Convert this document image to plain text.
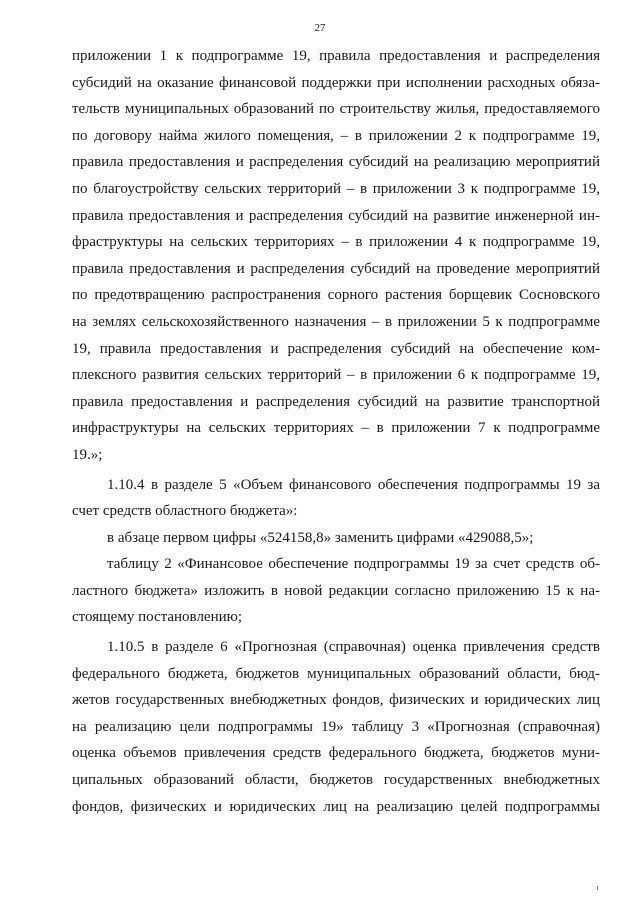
27
приложении 1 к подпрограмме 19, правила предоставления и распределения
субсидий на оказание финансовой поддержки при исполнении расходных обяза-
тельств муниципальных образований по строительству жилья, предоставляемого
по договору найма жилого помещения, – в приложении 2 к подпрограмме 19,
правила предоставления и распределения субсидий на реализацию мероприятий
по благоустройству сельских территорий – в приложении 3 к подпрограмме 19,
правила предоставления и распределения субсидий на развитие инженерной ин-
фраструктуры на сельских территориях – в приложении 4 к подпрограмме 19,
правила предоставления и распределения субсидий на проведение мероприятий
по предотвращению распространения сорного растения борщевик Сосновского
на землях сельскохозяйственного назначения – в приложении 5 к подпрограмме
19, правила предоставления и распределения субсидий на обеспечение ком-
плексного развития сельских территорий – в приложении 6 к подпрограмме 19,
правила предоставления и распределения субсидий на развитие транспортной
инфраструктуры на сельских территориях – в приложении 7 к подпрограмме
19.»;
1.10.4 в разделе 5 «Объем финансового обеспечения подпрограммы 19 за
счет средств областного бюджета»:
в абзаце первом цифры «524158,8» заменить цифрами «429088,5»;
таблицу 2 «Финансовое обеспечение подпрограммы 19 за счет средств об-
ластного бюджета» изложить в новой редакции согласно приложению 15 к на-
стоящему постановлению;
1.10.5 в разделе 6 «Прогнозная (справочная) оценка привлечения средств
федерального бюджета, бюджетов муниципальных образований области, бюд-
жетов государственных внебюджетных фондов, физических и юридических лиц
на реализацию цели подпрограммы 19» таблицу 3 «Прогнозная (справочная)
оценка объемов привлечения средств федерального бюджета, бюджетов муни-
ципальных образований области, бюджетов государственных внебюджетных
фондов, физических и юридических лиц на реализацию целей подпрограммы
